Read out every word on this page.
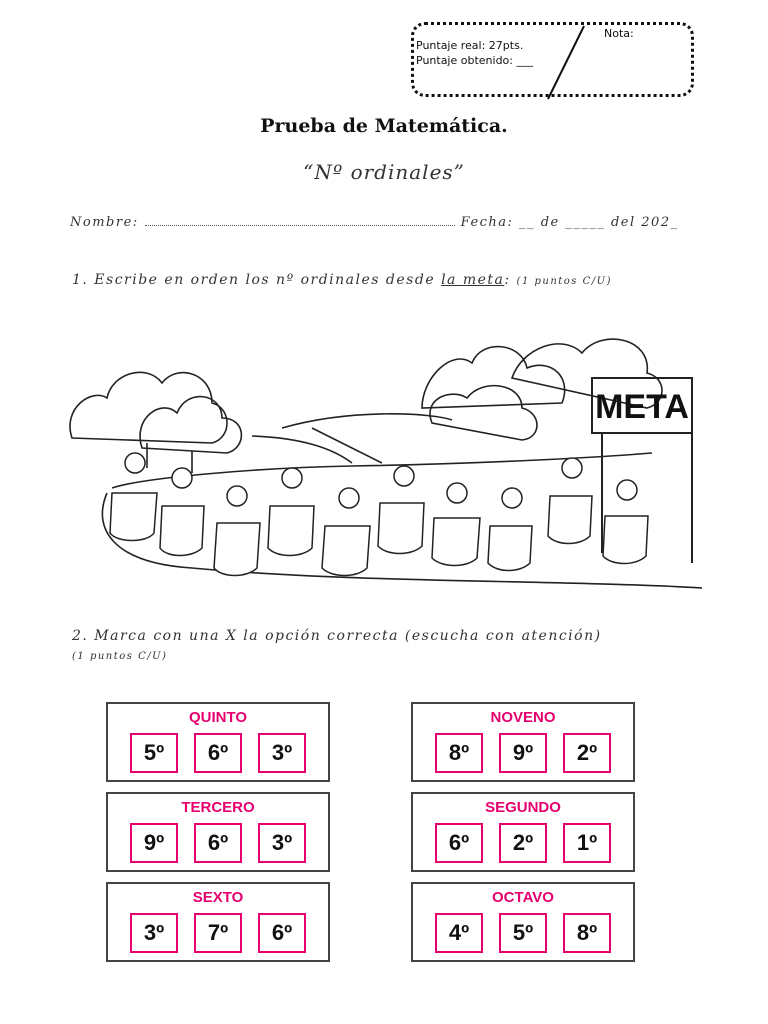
Nota:
Puntaje real: 27pts.
Puntaje obtenido: ___
Prueba de Matemática.
“Nº ordinales”
Nombre:	Fecha: __ de _____ del 202_
1. Escribe en orden los nº ordinales desde la meta: (1 puntos C/U)
META
2. Marca con una X la opción correcta (escucha con atención)
(1 puntos C/U)
QUINTO
5º	6º	3º
NOVENO
8º	9º	2º
TERCERO
9º	6º	3º
SEGUNDO
6º	2º	1º
SEXTO
3º	7º	6º
OCTAVO
4º	5º	8º
